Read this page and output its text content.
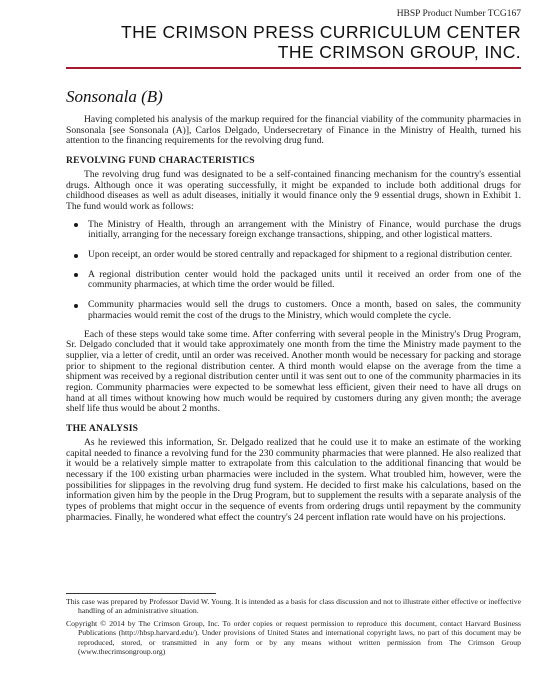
HBSP Product Number TCG167
THE CRIMSON PRESS CURRICULUM CENTER
THE CRIMSON GROUP, INC.
Sonsonala (B)

Having completed his analysis of the markup required for the financial viability of the community pharmacies in Sonsonala [see Sonsonala (A)], Carlos Delgado, Undersecretary of Finance in the Ministry of Health, turned his attention to the financing requirements for the revolving drug fund.

REVOLVING FUND CHARACTERISTICS

The revolving drug fund was designated to be a self-contained financing mechanism for the country's essential drugs. Although once it was operating successfully, it might be expanded to include both additional drugs for childhood diseases as well as adult diseases, initially it would finance only the 9 essential drugs, shown in Exhibit 1. The fund would work as follows:

The Ministry of Health, through an arrangement with the Ministry of Finance, would purchase the drugs initially, arranging for the necessary foreign exchange transactions, shipping, and other logistical matters.
Upon receipt, an order would be stored centrally and repackaged for shipment to a regional distribution center.
A regional distribution center would hold the packaged units until it received an order from one of the community pharmacies, at which time the order would be filled.
Community pharmacies would sell the drugs to customers. Once a month, based on sales, the community pharmacies would remit the cost of the drugs to the Ministry, which would complete the cycle.

Each of these steps would take some time. After conferring with several people in the Ministry's Drug Program, Sr. Delgado concluded that it would take approximately one month from the time the Ministry made payment to the supplier, via a letter of credit, until an order was received. Another month would be necessary for packing and storage prior to shipment to the regional distribution center. A third month would elapse on the average from the time a shipment was received by a regional distribution center until it was sent out to one of the community pharmacies in its region. Community pharmacies were expected to be somewhat less efficient, given their need to have all drugs on hand at all times without knowing how much would be required by customers during any given month; the average shelf life thus would be about 2 months.

THE ANALYSIS

As he reviewed this information, Sr. Delgado realized that he could use it to make an estimate of the working capital needed to finance a revolving fund for the 230 community pharmacies that were planned. He also realized that it would be a relatively simple matter to extrapolate from this calculation to the additional financing that would be necessary if the 100 existing urban pharmacies were included in the system. What troubled him, however, were the possibilities for slippages in the revolving drug fund system. He decided to first make his calculations, based on the information given him by the people in the Drug Program, but to supplement the results with a separate analysis of the types of problems that might occur in the sequence of events from ordering drugs until repayment by the community pharmacies. Finally, he wondered what effect the country's 24 percent inflation rate would have on his projections.

This case was prepared by Professor David W. Young. It is intended as a basis for class discussion and not to illustrate either effective or ineffective handling of an administrative situation.

Copyright © 2014 by The Crimson Group, Inc. To order copies or request permission to reproduce this document, contact Harvard Business Publications (http://hbsp.harvard.edu/). Under provisions of United States and international copyright laws, no part of this document may be reproduced, stored, or transmitted in any form or by any means without written permission from The Crimson Group (www.thecrimsongroup.org)
